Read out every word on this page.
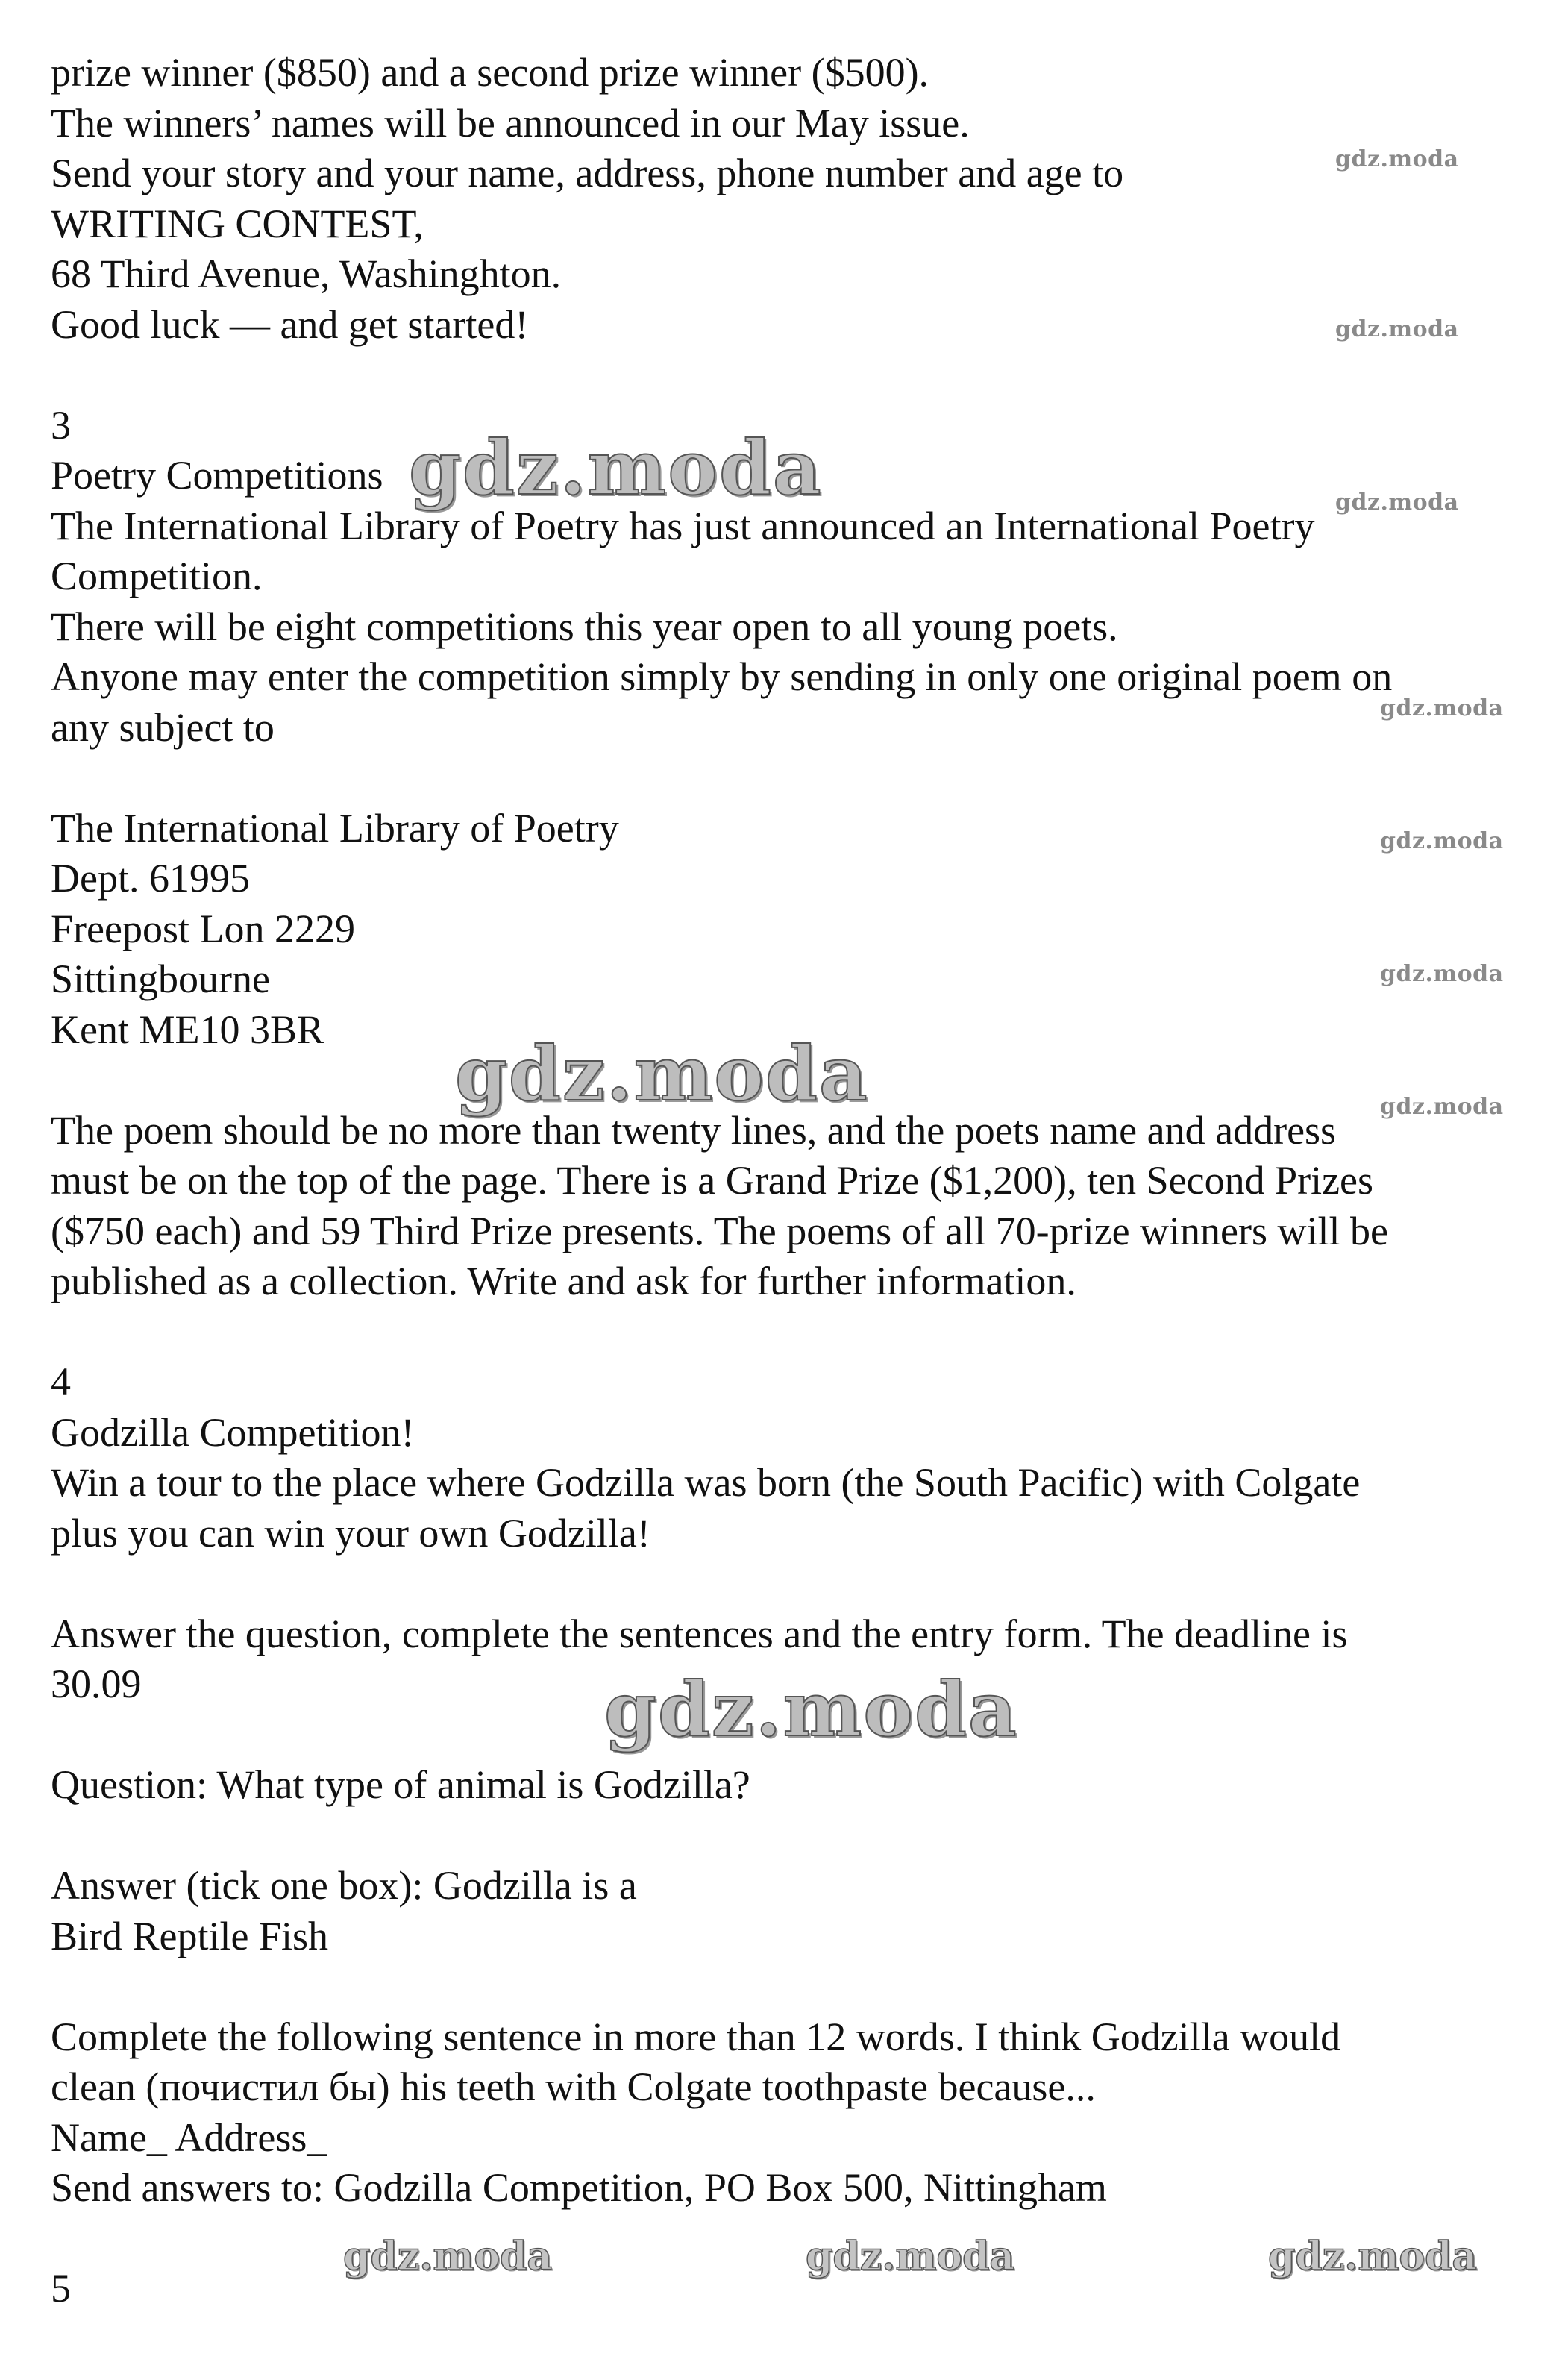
prize winner ($850) and a second prize winner ($500).
The winners’ names will be announced in our May issue.
Send your story and your name, address, phone number and age to
WRITING CONTEST,
68 Third Avenue, Washinghton.
Good luck — and get started!
3
Poetry Competitions
The International Library of Poetry has just announced an International Poetry
Competition.
There will be eight competitions this year open to all young poets.
Anyone may enter the competition simply by sending in only one original poem on
any subject to
The International Library of Poetry
Dept. 61995
Freepost Lon 2229
Sittingbourne
Kent ME10 3BR
The poem should be no more than twenty lines, and the poets name and address
must be on the top of the page. There is a Grand Prize ($1,200), ten Second Prizes
($750 each) and 59 Third Prize presents. The poems of all 70-prize winners will be
published as a collection. Write and ask for further information.
4
Godzilla Competition!
Win a tour to the place where Godzilla was born (the South Pacific) with Colgate
plus you can win your own Godzilla!
Answer the question, complete the sentences and the entry form. The deadline is
30.09
Question: What type of animal is Godzilla?
Answer (tick one box): Godzilla is a
Bird Reptile Fish
Complete the following sentence in more than 12 words. I think Godzilla would
clean (почистил бы) his teeth with Colgate toothpaste because...
Name_ Address_
Send answers to: Godzilla Competition, PO Box 500, Nittingham
5
gdz.moda
gdz.moda
gdz.moda
gdz.moda
gdz.moda
gdz.moda
gdz.moda
gdz.moda
gdz.moda
gdz.moda
gdz.moda	gdz.moda	gdz.moda
